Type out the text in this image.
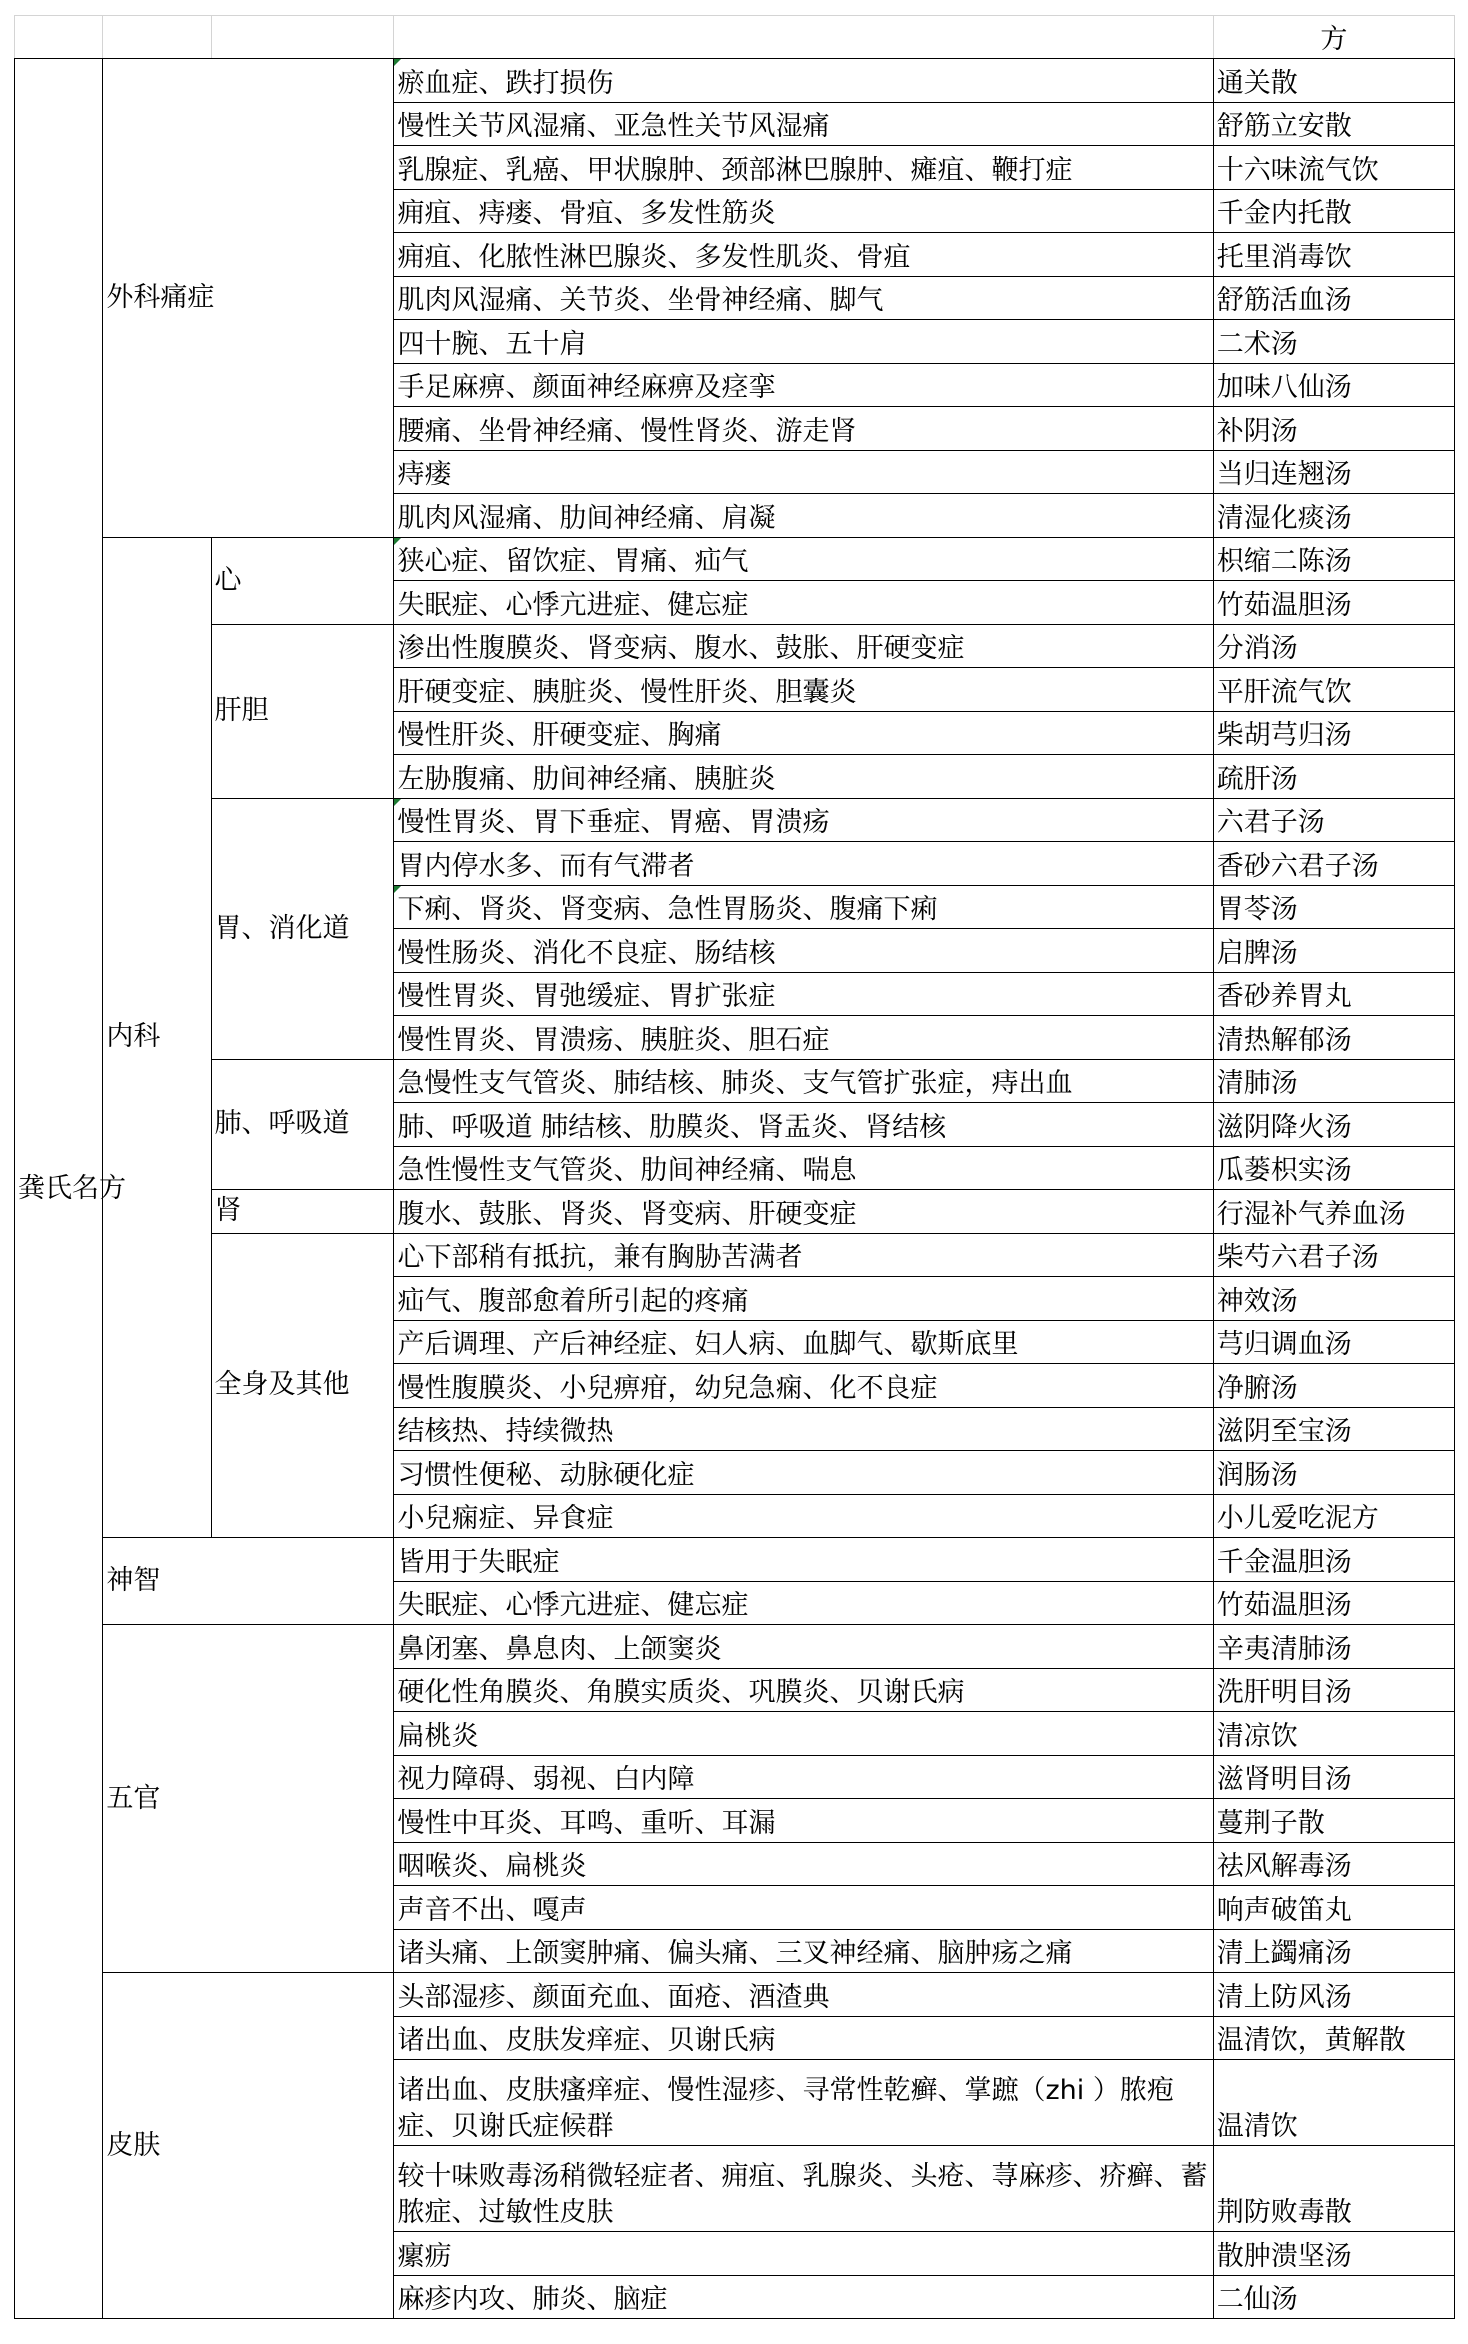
				方
龚氏名方	外科痛症		瘀血症、跌打损伤	通关散
			慢性关节风湿痛、亚急性关节风湿痛	舒筋立安散
			乳腺症、乳癌、甲状腺肿、颈部淋巴腺肿、瘫疽、鞭打症	十六味流气饮
			痈疽、痔瘘、骨疽、多发性筋炎	千金内托散
			痈疽、化脓性淋巴腺炎、多发性肌炎、骨疽	托里消毒饮
			肌肉风湿痛、关节炎、坐骨神经痛、脚气	舒筋活血汤
			四十腕、五十肩	二术汤
			手足麻痹、颜面神经麻痹及痉挛	加味八仙汤
			腰痛、坐骨神经痛、慢性肾炎、游走肾	补阴汤
			痔瘘	当归连翘汤
			肌肉风湿痛、肋间神经痛、肩凝	清湿化痰汤
	内科	心	狭心症、留饮症、胃痛、疝气	枳缩二陈汤
			失眠症、心悸亢进症、健忘症	竹茹温胆汤
		肝胆	渗出性腹膜炎、肾变病、腹水、鼓胀、肝硬变症	分消汤
			肝硬变症、胰脏炎、慢性肝炎、胆囊炎	平肝流气饮
			慢性肝炎、肝硬变症、胸痛	柴胡芎归汤
			左胁腹痛、肋间神经痛、胰脏炎	疏肝汤
		胃、消化道	慢性胃炎、胃下垂症、胃癌、胃溃疡	六君子汤
			胃内停水多、而有气滞者	香砂六君子汤
			下痢、肾炎、肾变病、急性胃肠炎、腹痛下痢	胃苓汤
			慢性肠炎、消化不良症、肠结核	启脾汤
			慢性胃炎、胃弛缓症、胃扩张症	香砂养胃丸
			慢性胃炎、胃溃疡、胰脏炎、胆石症	清热解郁汤
		肺、呼吸道	急慢性支气管炎、肺结核、肺炎、支气管扩张症，痔出血	清肺汤
			肺、呼吸道 肺结核、肋膜炎、肾盂炎、肾结核	滋阴降火汤
			急性慢性支气管炎、肋间神经痛、喘息	瓜蒌枳实汤
		肾	腹水、鼓胀、肾炎、肾变病、肝硬变症	行湿补气养血汤
		全身及其他	心下部稍有抵抗，兼有胸胁苦满者	柴芍六君子汤
			疝气、腹部愈着所引起的疼痛	神效汤
			产后调理、产后神经症、妇人病、血脚气、歇斯底里	芎归调血汤
			慢性腹膜炎、小兒痹疳，幼兒急痫、化不良症	净腑汤
			结核热、持续微热	滋阴至宝汤
			习惯性便秘、动脉硬化症	润肠汤
			小兒痫症、异食症	小儿爱吃泥方
	神智		皆用于失眠症	千金温胆汤
			失眠症、心悸亢进症、健忘症	竹茹温胆汤
	五官		鼻闭塞、鼻息肉、上颌窦炎	辛夷清肺汤
			硬化性角膜炎、角膜实质炎、巩膜炎、贝谢氏病	洗肝明目汤
			扁桃炎	清凉饮
			视力障碍、弱视、白内障	滋肾明目汤
			慢性中耳炎、耳鸣、重听、耳漏	蔓荆子散
			咽喉炎、扁桃炎	祛风解毒汤
			声音不出、嘎声	响声破笛丸
			诸头痛、上颌窦肿痛、偏头痛、三叉神经痛、脑肿疡之痛	清上蠲痛汤
	皮肤		头部湿疹、颜面充血、面疮、酒渣典	清上防风汤
			诸出血、皮肤发痒症、贝谢氏病	温清饮，黄解散
			诸出血、皮肤瘙痒症、慢性湿疹、寻常性乾癣、掌蹠（zhi ）脓疱症、贝谢氏症候群	温清饮
			较十味败毒汤稍微轻症者、痈疽、乳腺炎、头疮、荨麻疹、疥癣、蓄脓症、过敏性皮肤	荆防败毒散
			瘰疬	散肿溃坚汤
			麻疹内攻、肺炎、脑症	二仙汤
